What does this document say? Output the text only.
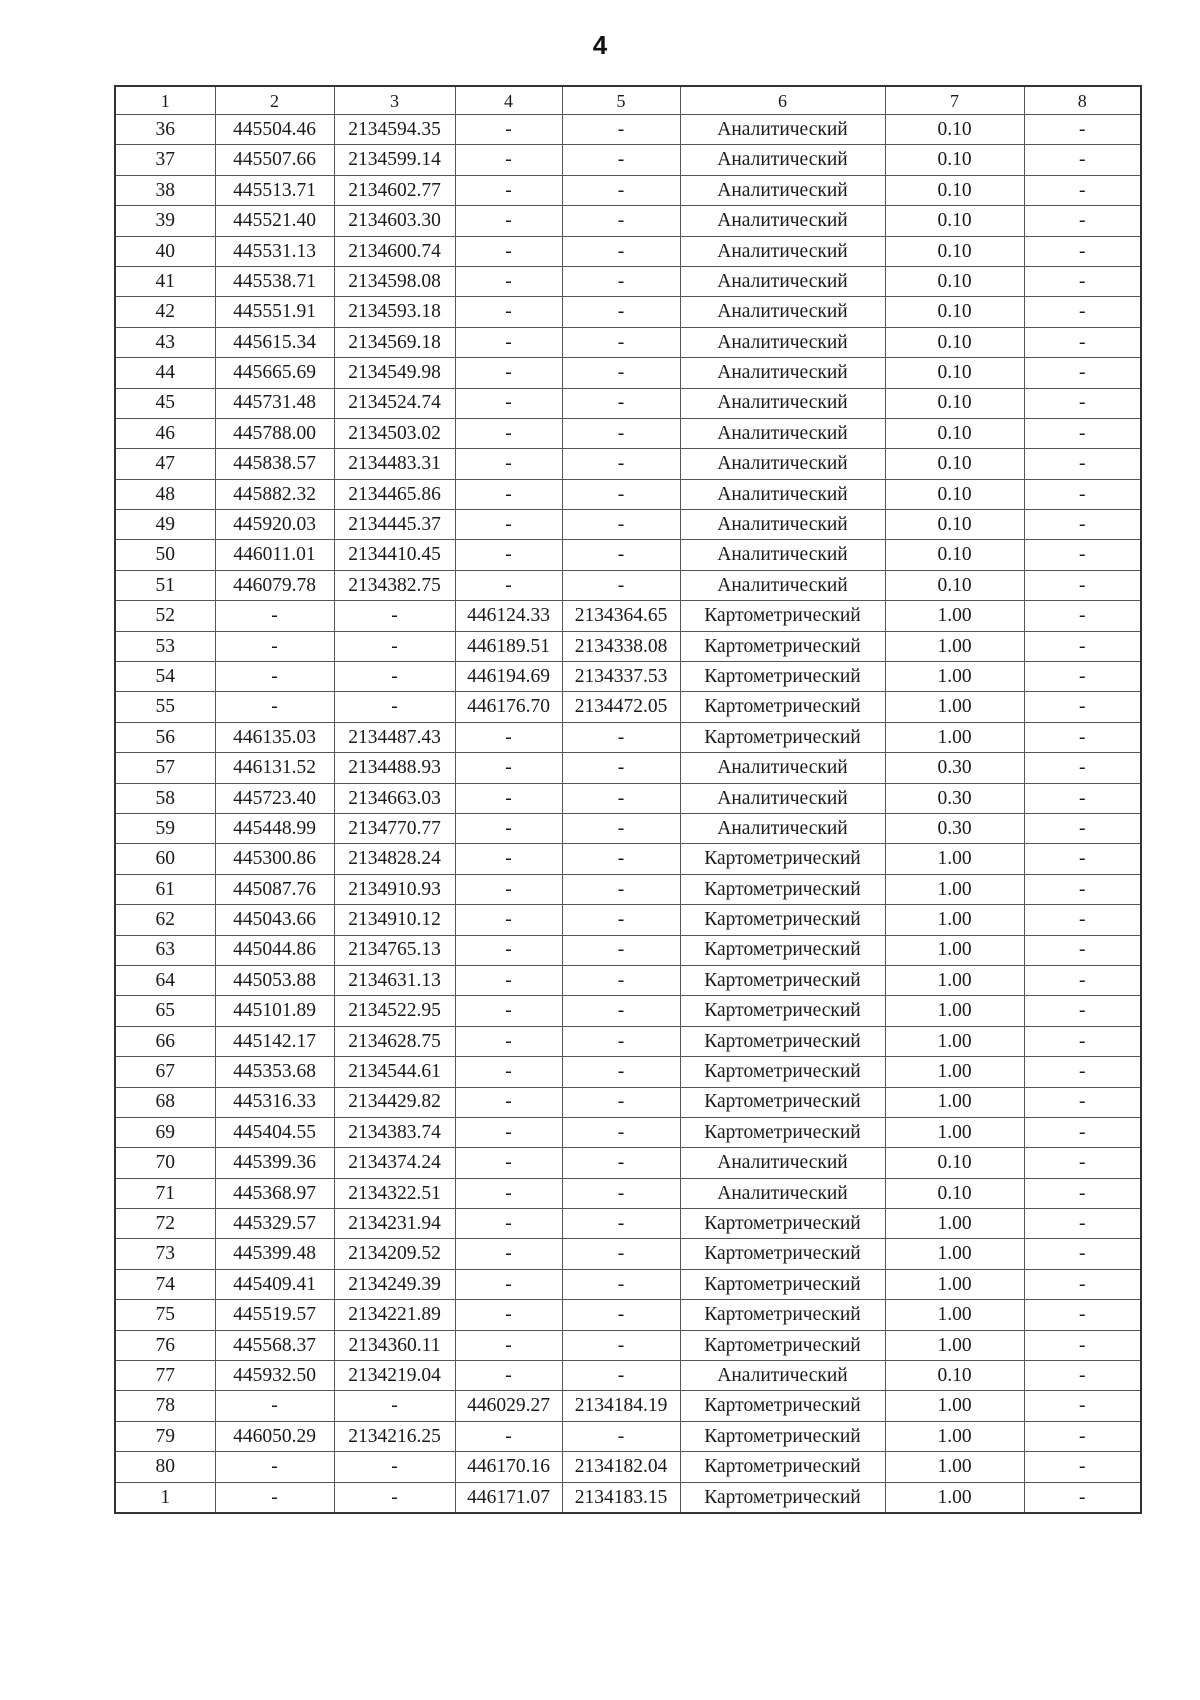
4
1	2	3	4	5	6	7	8
36	445504.46	2134594.35	-	-	Аналитический	0.10	-
37	445507.66	2134599.14	-	-	Аналитический	0.10	-
38	445513.71	2134602.77	-	-	Аналитический	0.10	-
39	445521.40	2134603.30	-	-	Аналитический	0.10	-
40	445531.13	2134600.74	-	-	Аналитический	0.10	-
41	445538.71	2134598.08	-	-	Аналитический	0.10	-
42	445551.91	2134593.18	-	-	Аналитический	0.10	-
43	445615.34	2134569.18	-	-	Аналитический	0.10	-
44	445665.69	2134549.98	-	-	Аналитический	0.10	-
45	445731.48	2134524.74	-	-	Аналитический	0.10	-
46	445788.00	2134503.02	-	-	Аналитический	0.10	-
47	445838.57	2134483.31	-	-	Аналитический	0.10	-
48	445882.32	2134465.86	-	-	Аналитический	0.10	-
49	445920.03	2134445.37	-	-	Аналитический	0.10	-
50	446011.01	2134410.45	-	-	Аналитический	0.10	-
51	446079.78	2134382.75	-	-	Аналитический	0.10	-
52	-	-	446124.33	2134364.65	Картометрический	1.00	-
53	-	-	446189.51	2134338.08	Картометрический	1.00	-
54	-	-	446194.69	2134337.53	Картометрический	1.00	-
55	-	-	446176.70	2134472.05	Картометрический	1.00	-
56	446135.03	2134487.43	-	-	Картометрический	1.00	-
57	446131.52	2134488.93	-	-	Аналитический	0.30	-
58	445723.40	2134663.03	-	-	Аналитический	0.30	-
59	445448.99	2134770.77	-	-	Аналитический	0.30	-
60	445300.86	2134828.24	-	-	Картометрический	1.00	-
61	445087.76	2134910.93	-	-	Картометрический	1.00	-
62	445043.66	2134910.12	-	-	Картометрический	1.00	-
63	445044.86	2134765.13	-	-	Картометрический	1.00	-
64	445053.88	2134631.13	-	-	Картометрический	1.00	-
65	445101.89	2134522.95	-	-	Картометрический	1.00	-
66	445142.17	2134628.75	-	-	Картометрический	1.00	-
67	445353.68	2134544.61	-	-	Картометрический	1.00	-
68	445316.33	2134429.82	-	-	Картометрический	1.00	-
69	445404.55	2134383.74	-	-	Картометрический	1.00	-
70	445399.36	2134374.24	-	-	Аналитический	0.10	-
71	445368.97	2134322.51	-	-	Аналитический	0.10	-
72	445329.57	2134231.94	-	-	Картометрический	1.00	-
73	445399.48	2134209.52	-	-	Картометрический	1.00	-
74	445409.41	2134249.39	-	-	Картометрический	1.00	-
75	445519.57	2134221.89	-	-	Картометрический	1.00	-
76	445568.37	2134360.11	-	-	Картометрический	1.00	-
77	445932.50	2134219.04	-	-	Аналитический	0.10	-
78	-	-	446029.27	2134184.19	Картометрический	1.00	-
79	446050.29	2134216.25	-	-	Картометрический	1.00	-
80	-	-	446170.16	2134182.04	Картометрический	1.00	-
1	-	-	446171.07	2134183.15	Картометрический	1.00	-
